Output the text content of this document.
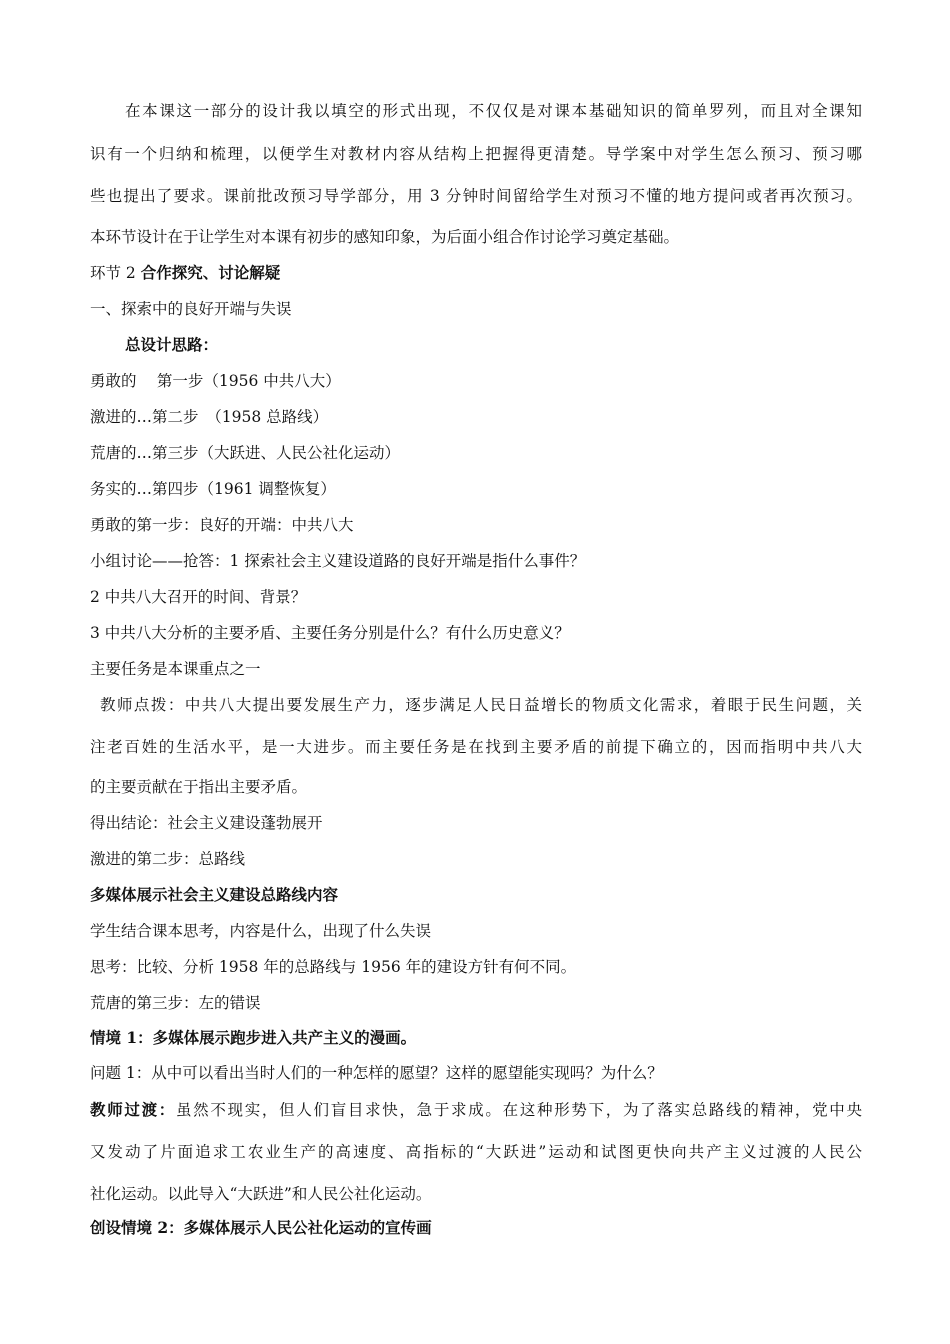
在本课这一部分的设计我以填空的形式出现，不仅仅是对课本基础知识的简单罗列，而且对全课知
识有一个归纳和梳理，以便学生对教材内容从结构上把握得更清楚。导学案中对学生怎么预习、预习哪
些也提出了要求。课前批改预习导学部分，用 3 分钟时间留给学生对预习不懂的地方提问或者再次预习。
本环节设计在于让学生对本课有初步的感知印象，为后面小组合作讨论学习奠定基础。
环节 2 合作探究、讨论解疑
一、探索中的良好开端与失误
总设计思路：
勇敢的　 第一步（1956 中共八大）
激进的…第二步　（1958 总路线）
荒唐的…第三步（大跃进、人民公社化运动）
务实的…第四步（1961 调整恢复）
勇敢的第一步：良好的开端：中共八大
小组讨论——抢答：1 探索社会主义建设道路的良好开端是指什么事件？
2 中共八大召开的时间、背景？
3 中共八大分析的主要矛盾、主要任务分别是什么？有什么历史意义？
主要任务是本课重点之一
教师点拨：中共八大提出要发展生产力，逐步满足人民日益增长的物质文化需求，着眼于民生问题，关
注老百姓的生活水平，是一大进步。而主要任务是在找到主要矛盾的前提下确立的，因而指明中共八大
的主要贡献在于指出主要矛盾。
得出结论：社会主义建设蓬勃展开
激进的第二步：总路线
多媒体展示社会主义建设总路线内容
学生结合课本思考，内容是什么，出现了什么失误
思考：比较、分析 1958 年的总路线与 1956 年的建设方针有何不同。
荒唐的第三步：左的错误
情境 1：多媒体展示跑步进入共产主义的漫画。
问题 1：从中可以看出当时人们的一种怎样的愿望？这样的愿望能实现吗？为什么？
教师过渡：虽然不现实，但人们盲目求快，急于求成。在这种形势下，为了落实总路线的精神，党中央
又发动了片面追求工农业生产的高速度、高指标的“大跃进”运动和试图更快向共产主义过渡的人民公
社化运动。以此导入“大跃进”和人民公社化运动。
创设情境 2：多媒体展示人民公社化运动的宣传画
